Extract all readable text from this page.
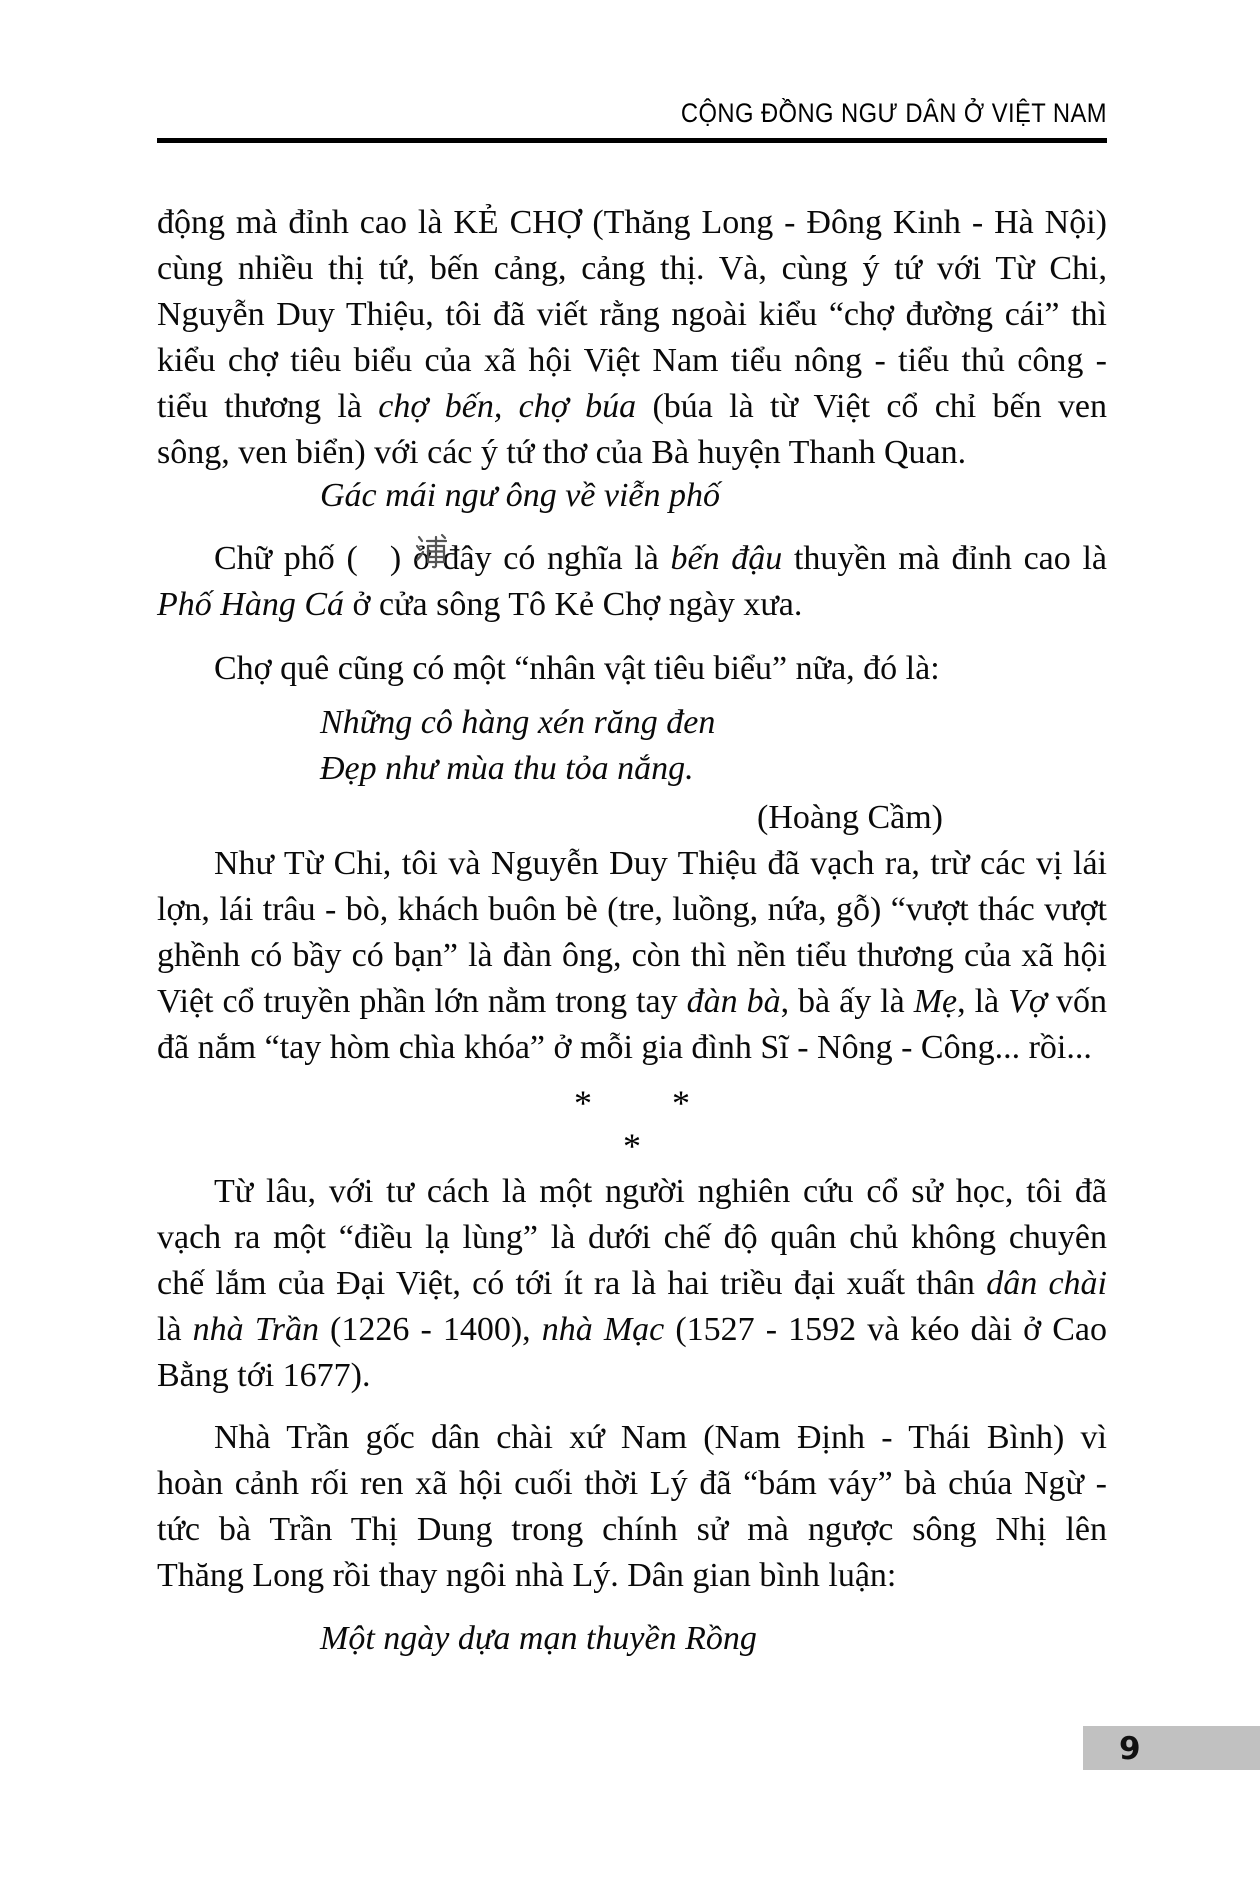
CỘNG ĐỒNG NGƯ DÂN Ở VIỆT NAM
động mà đỉnh cao là KẺ CHỢ (Thăng Long - Đông Kinh - Hà Nội)
cùng nhiều thị tứ, bến cảng, cảng thị. Và, cùng ý tứ với Từ Chi,
Nguyễn Duy Thiệu, tôi đã viết rằng ngoài kiểu “chợ đường cái” thì
kiểu chợ tiêu biểu của xã hội Việt Nam tiểu nông - tiểu thủ công -
tiểu thương là chợ bến, chợ búa (búa là từ Việt cổ chỉ bến ven
sông, ven biển) với các ý tứ thơ của Bà huyện Thanh Quan.
Gác mái ngư ông về viễn phố
Chữ phố ( ) ở đây có nghĩa là bến đậu thuyền mà đỉnh cao là
Phố Hàng Cá ở cửa sông Tô Kẻ Chợ ngày xưa.
Chợ quê cũng có một “nhân vật tiêu biểu” nữa, đó là:
Những cô hàng xén răng đen
Đẹp như mùa thu tỏa nắng.
(Hoàng Cầm)
Như Từ Chi, tôi và Nguyễn Duy Thiệu đã vạch ra, trừ các vị lái
lợn, lái trâu - bò, khách buôn bè (tre, luồng, nứa, gỗ) “vượt thác vượt
ghềnh có bầy có bạn” là đàn ông, còn thì nền tiểu thương của xã hội
Việt cổ truyền phần lớn nằm trong tay đàn bà, bà ấy là Mẹ, là Vợ vốn
đã nắm “tay hòm chìa khóa” ở mỗi gia đình Sĩ - Nông - Công... rồi...
* *
*
Từ lâu, với tư cách là một người nghiên cứu cổ sử học, tôi đã
vạch ra một “điều lạ lùng” là dưới chế độ quân chủ không chuyên
chế lắm của Đại Việt, có tới ít ra là hai triều đại xuất thân dân chài
là nhà Trần (1226 - 1400), nhà Mạc (1527 - 1592 và kéo dài ở Cao
Bằng tới 1677).
Nhà Trần gốc dân chài xứ Nam (Nam Định - Thái Bình) vì
hoàn cảnh rối ren xã hội cuối thời Lý đã “bám váy” bà chúa Ngừ -
tức bà Trần Thị Dung trong chính sử mà ngược sông Nhị lên
Thăng Long rồi thay ngôi nhà Lý. Dân gian bình luận:
Một ngày dựa mạn thuyền Rồng
9
